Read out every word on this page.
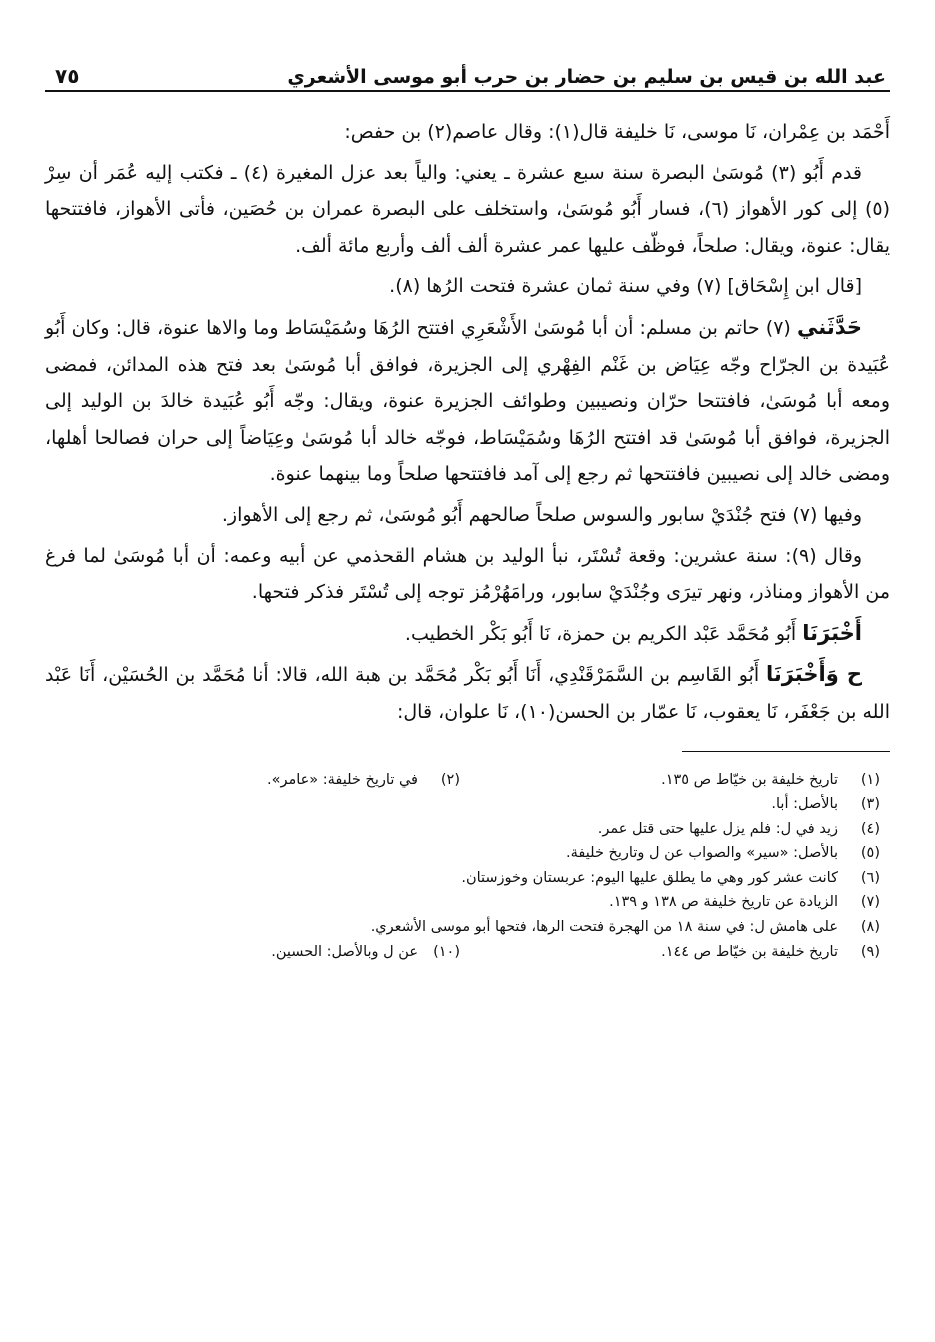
عبد الله بن قيس بن سليم بن حضار بن حرب أبو موسى الأشعري
٧٥

أَحْمَد بن عِمْران، نَا موسى، نَا خليفة قال(١): وقال عاصم(٢) بن حفص:

قدم أَبُو (٣) مُوسَىٰ البصرة سنة سبع عشرة ـ يعني: والياً بعد عزل المغيرة (٤) ـ فكتب إليه عُمَر أن سِرْ (٥) إلى كور الأهواز (٦)، فسار أَبُو مُوسَىٰ، واستخلف على البصرة عمران بن حُصَين، فأتى الأهواز، فافتتحها يقال: عنوة، ويقال: صلحاً، فوظّف عليها عمر عشرة ألف ألف وأربع مائة ألف.

[قال ابن إِسْحَاق] (٧) وفي سنة ثمان عشرة فتحت الرُها (٨).

حَدَّثَني (٧) حاتم بن مسلم: أن أبا مُوسَىٰ الأَشْعَرِي افتتح الرُهَا وسُمَيْسَاط وما والاها عنوة، قال: وكان أَبُو عُبَيدة بن الجرّاح وجّه عِيَاض بن غَنْم الفِهْري إلى الجزيرة، فوافق أبا مُوسَىٰ بعد فتح هذه المدائن، فمضى ومعه أبا مُوسَىٰ، فافتتحا حرّان ونصيبين وطوائف الجزيرة عنوة، ويقال: وجّه أَبُو عُبَيدة خالدَ بن الوليد إلى الجزيرة، فوافق أبا مُوسَىٰ قد افتتح الرُهَا وسُمَيْسَاط، فوجّه خالد أبا مُوسَىٰ وعِيَاضاً إلى حران فصالحا أهلها، ومضى خالد إلى نصيبين فافتتحها ثم رجع إلى آمد فافتتحها صلحاً وما بينهما عنوة.

وفيها (٧) فتح جُنْدَيْ سابور والسوس صلحاً صالحهم أَبُو مُوسَىٰ، ثم رجع إلى الأهواز.

وقال (٩): سنة عشرين: وقعة تُسْتَر، نبأ الوليد بن هشام القحذمي عن أبيه وعمه: أن أبا مُوسَىٰ لما فرغ من الأهواز ومناذر، ونهر تيرَى وجُنْدَيْ سابور، ورامَهُرْمُز توجه إلى تُسْتَر فذكر فتحها.

أَخْبَرَنَا أَبُو مُحَمَّد عَبْد الكريم بن حمزة، نَا أَبُو بَكْر الخطيب.

ح وَأَخْبَرَنَا أَبُو القَاسِم بن السَّمَرْقَنْدِي، أَنَا أَبُو بَكْر مُحَمَّد بن هبة الله، قالا: أنا مُحَمَّد بن الحُسَيْن، أَنَا عَبْد الله بن جَعْفَر، نَا يعقوب، نَا عمّار بن الحسن(١٠)، نَا علوان، قال:

(١)تاريخ خليفة بن خيّاط ص ١٣٥.
(٢)في تاريخ خليفة: «عامر».
(٣)بالأصل: أبا.
(٤)زيد في ل: فلم يزل عليها حتى قتل عمر.
(٥)بالأصل: «سير» والصواب عن ل وتاريخ خليفة.
(٦)كانت عشر كور وهي ما يطلق عليها اليوم: عربستان وخوزستان.
(٧)الزيادة عن تاريخ خليفة ص ١٣٨ و ١٣٩.
(٨)على هامش ل: في سنة ١٨ من الهجرة فتحت الرها، فتحها أبو موسى الأشعري.
(٩)تاريخ خليفة بن خيّاط ص ١٤٤.
(١٠)عن ل وبالأصل: الحسين.
